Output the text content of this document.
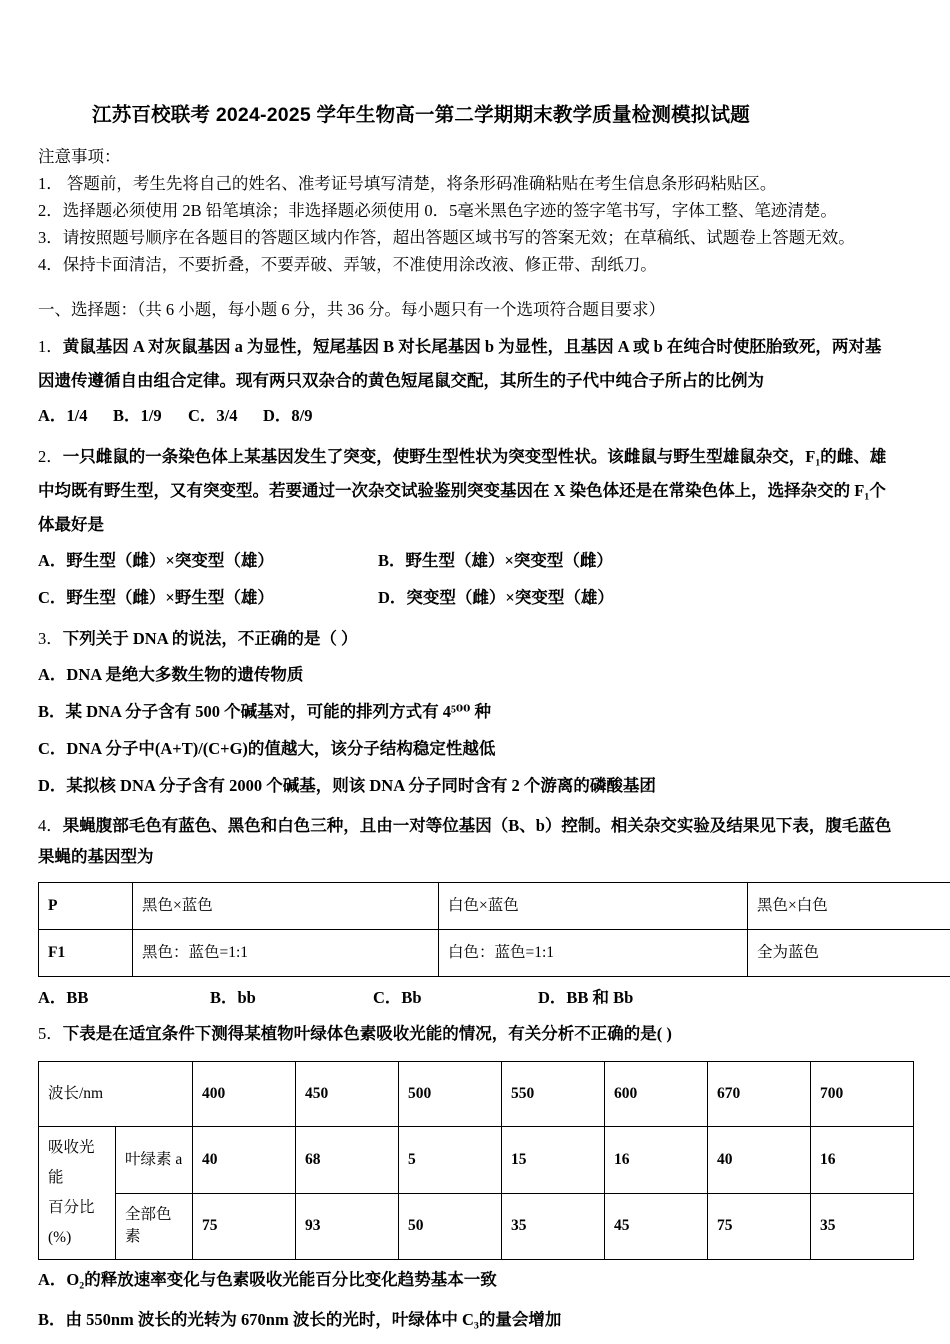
江苏百校联考 2024-2025 学年生物高一第二学期期末教学质量检测模拟试题
注意事项：
1． 答题前，考生先将自己的姓名、准考证号填写清楚，将条形码准确粘贴在考生信息条形码粘贴区。
2．选择题必须使用 2B 铅笔填涂；非选择题必须使用 0．5毫米黑色字迹的签字笔书写，字体工整、笔迹清楚。
3．请按照题号顺序在各题目的答题区域内作答，超出答题区域书写的答案无效；在草稿纸、试题卷上答题无效。
4．保持卡面清洁，不要折叠，不要弄破、弄皱，不准使用涂改液、修正带、刮纸刀。
一、选择题：（共 6 小题，每小题 6 分，共 36 分。每小题只有一个选项符合题目要求）

1．黄鼠基因 A 对灰鼠基因 a 为显性，短尾基因 B 对长尾基因 b 为显性，且基因 A 或 b 在纯合时使胚胎致死，两对基

因遗传遵循自由组合定律。现有两只双杂合的黄色短尾鼠交配，其所生的子代中纯合子所占的比例为

A．1/4 B．1/9 C．3/4 D．8/9

2．一只雌鼠的一条染色体上某基因发生了突变，使野生型性状为突变型性状。该雌鼠与野生型雄鼠杂交，F₁的雌、雄

中均既有野生型，又有突变型。若要通过一次杂交试验鉴别突变基因在 X 染色体还是在常染色体上，选择杂交的 F₁个

体最好是

A．野生型（雌）×突变型（雄）	B．野生型（雄）×突变型（雌）
C．野生型（雌）×野生型（雄）	D．突变型（雌）×突变型（雄）

3．下列关于 DNA 的说法，不正确的是（ ）

A．DNA 是绝大多数生物的遗传物质
B．某 DNA 分子含有 500 个碱基对，可能的排列方式有 4⁵⁰⁰ 种
C．DNA 分子中(A+T)/(C+G)的值越大，该分子结构稳定性越低
D．某拟核 DNA 分子含有 2000 个碱基，则该 DNA 分子同时含有 2 个游离的磷酸基团

4．果蝇腹部毛色有蓝色、黑色和白色三种，且由一对等位基因（B、b）控制。相关杂交实验及结果见下表，腹毛蓝色

果蝇的基因型为

P	黑色×蓝色	白色×蓝色	黑色×白色
F1	黑色：蓝色=1:1	白色：蓝色=1:1	全为蓝色
A．BB	B．bb	C．Bb	D．BB 和 Bb

5．下表是在适宜条件下测得某植物叶绿体色素吸收光能的情况，有关分析不正确的是( )

波长/nm		400	450	500	550	600	670	700

吸收光能
百分比(%)	叶绿素 a	40	68	5	15	16	40	16
	全部色素	75	93	50	35	45	75	35
A．O₂的释放速率变化与色素吸收光能百分比变化趋势基本一致
B．由 550nm 波长的光转为 670nm 波长的光时，叶绿体中 C₃的量会增加
